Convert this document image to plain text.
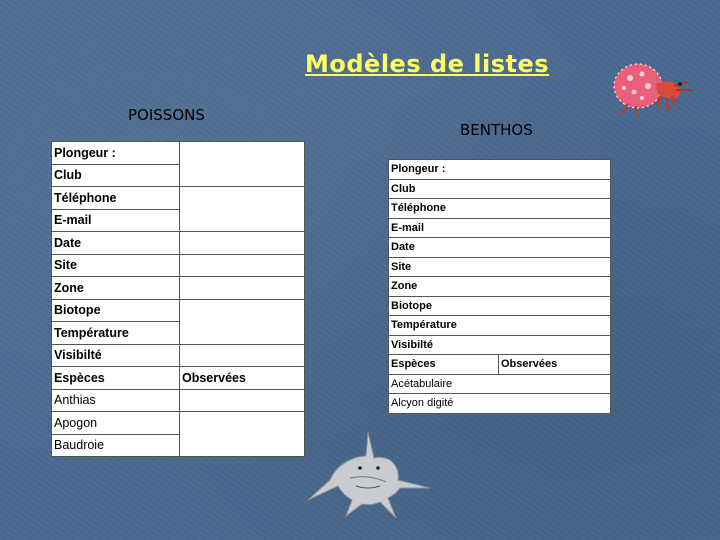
Modèles de listes
POISSONS
BENTHOS
Plongeur :	
Club	
Téléphone	
E-mail	
Date	
Site	
Zone	
Biotope	
Température	
Visibilté	
Espèces	Observées
Anthias	
Apogon	
Baudroie	
Plongeur :
Club
Téléphone
E-mail
Date
Site
Zone
Biotope
Température
Visibilté
Espèces	Observées
Acétabulaire
Alcyon digité
